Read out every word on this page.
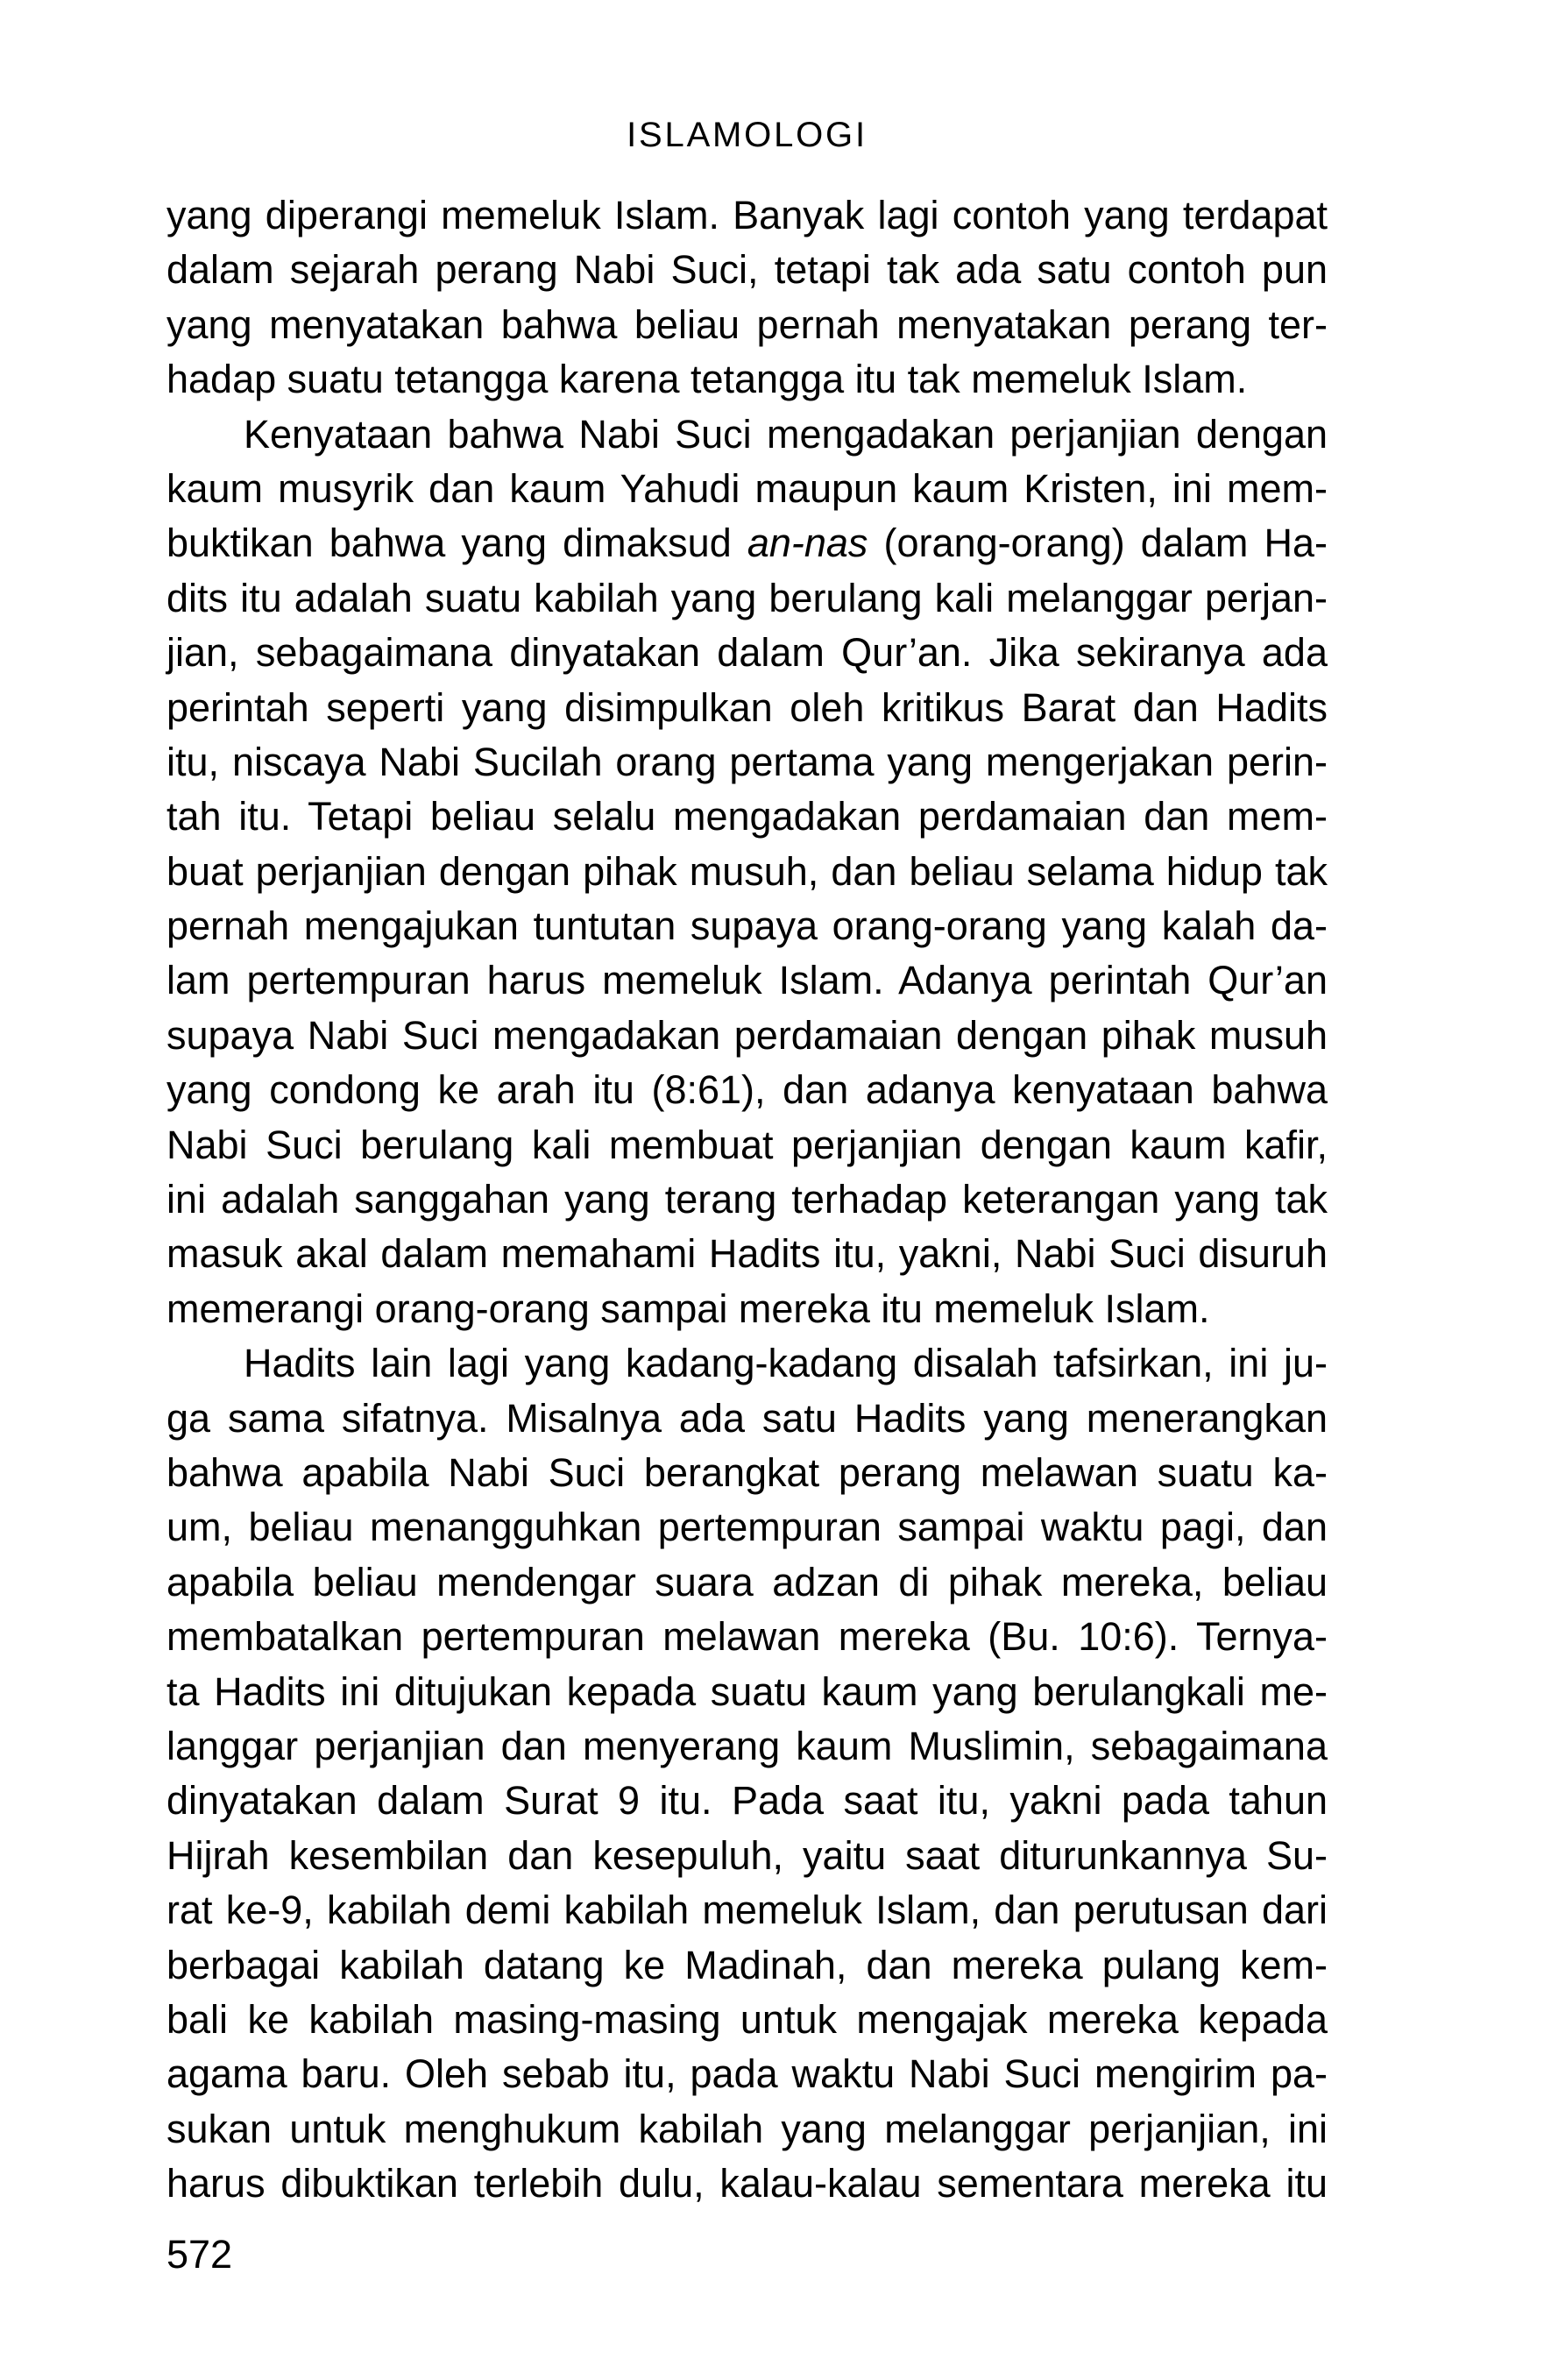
ISLAMOLOGI
yang diperangi memeluk Islam. Banyak lagi contoh yang terdapat
dalam sejarah perang Nabi Suci, tetapi tak ada satu contoh pun
yang menyatakan bahwa beliau pernah menyatakan perang ter-
hadap suatu tetangga karena tetangga itu tak memeluk Islam.
Kenyataan bahwa Nabi Suci mengadakan perjanjian dengan
kaum musyrik dan kaum Yahudi maupun kaum Kristen, ini mem-
buktikan bahwa yang dimaksud an-nas (orang-orang) dalam Ha-
dits itu adalah suatu kabilah yang berulang kali melanggar perjan-
jian, sebagaimana dinyatakan dalam Qur’an. Jika sekiranya ada
perintah seperti yang disimpulkan oleh kritikus Barat dan Hadits
itu, niscaya Nabi Sucilah orang pertama yang mengerjakan perin-
tah itu. Tetapi beliau selalu mengadakan perdamaian dan mem-
buat perjanjian dengan pihak musuh, dan beliau selama hidup tak
pernah mengajukan tuntutan supaya orang-orang yang kalah da-
lam pertempuran harus memeluk Islam. Adanya perintah Qur’an
supaya Nabi Suci mengadakan perdamaian dengan pihak musuh
yang condong ke arah itu (8:61), dan adanya kenyataan bahwa
Nabi Suci berulang kali membuat perjanjian dengan kaum kafir,
ini adalah sanggahan yang terang terhadap keterangan yang tak
masuk akal dalam memahami Hadits itu, yakni, Nabi Suci disuruh
memerangi orang-orang sampai mereka itu memeluk Islam.
Hadits lain lagi yang kadang-kadang disalah tafsirkan, ini ju-
ga sama sifatnya. Misalnya ada satu Hadits yang menerangkan
bahwa apabila Nabi Suci berangkat perang melawan suatu ka-
um, beliau menangguhkan pertempuran sampai waktu pagi, dan
apabila beliau mendengar suara adzan di pihak mereka, beliau
membatalkan pertempuran melawan mereka (Bu. 10:6). Ternya-
ta Hadits ini ditujukan kepada suatu kaum yang berulangkali me-
langgar perjanjian dan menyerang kaum Muslimin, sebagaimana
dinyatakan dalam Surat 9 itu. Pada saat itu, yakni pada tahun
Hijrah kesembilan dan kesepuluh, yaitu saat diturunkannya Su-
rat ke-9, kabilah demi kabilah memeluk Islam, dan perutusan dari
berbagai kabilah datang ke Madinah, dan mereka pulang kem-
bali ke kabilah masing-masing untuk mengajak mereka kepada
agama baru. Oleh sebab itu, pada waktu Nabi Suci mengirim pa-
sukan untuk menghukum kabilah yang melanggar perjanjian, ini
harus dibuktikan terlebih dulu, kalau-kalau sementara mereka itu
572
